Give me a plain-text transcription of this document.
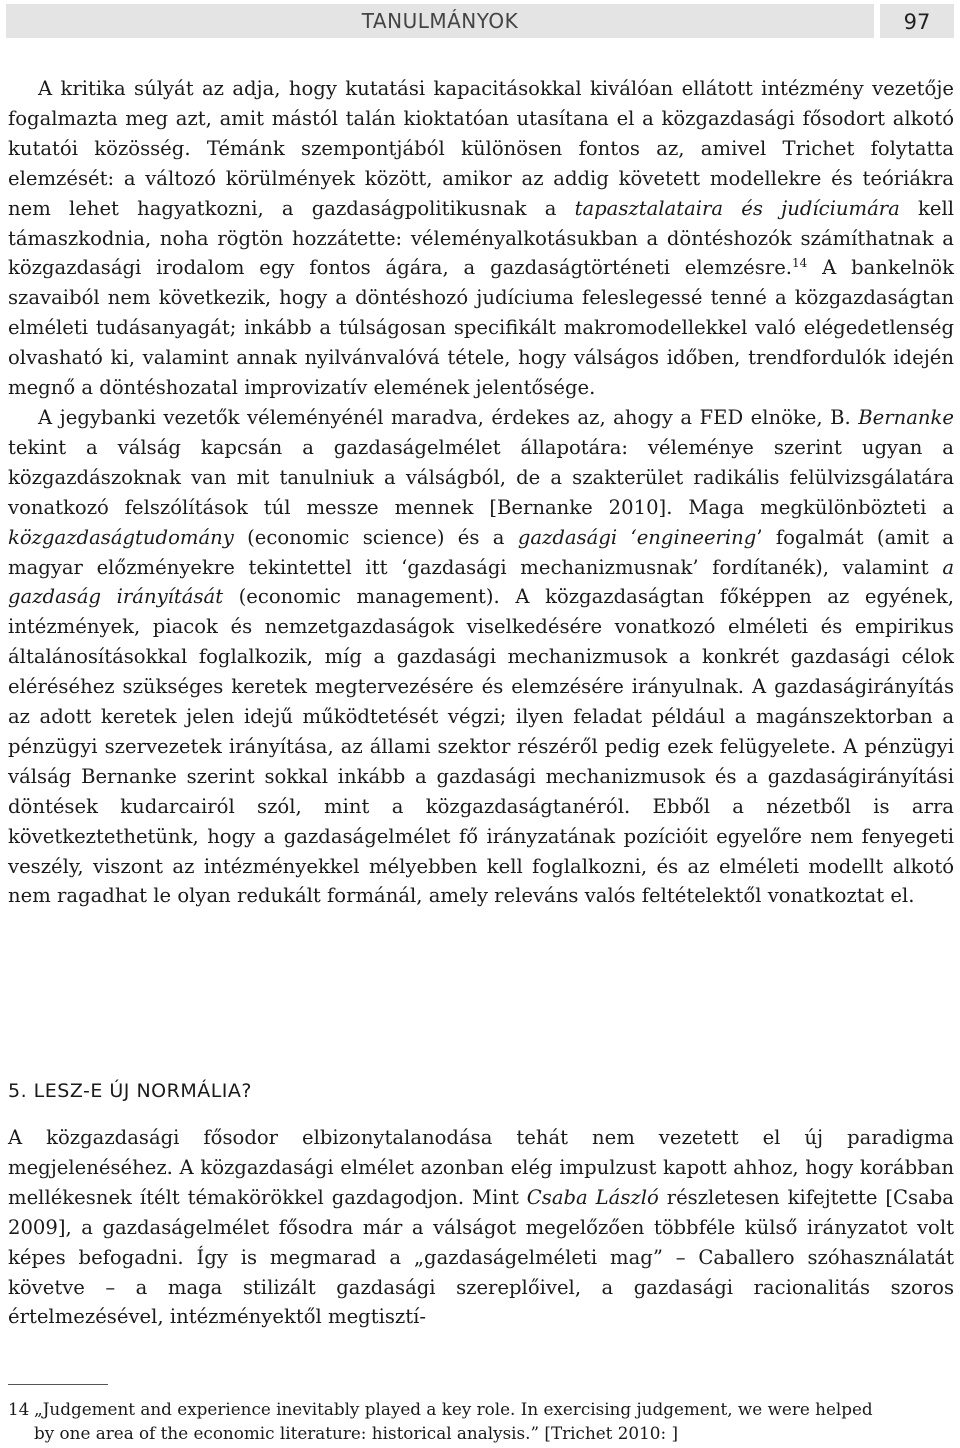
TANULMÁNYOK	97

A kritika súlyát az adja, hogy kutatási kapacitásokkal kiválóan ellátott intézmény vezetője fogalmazta meg azt, amit mástól talán kioktatóan utasítana el a közgazdasági fősodort alkotó kutatói közösség. Témánk szempontjából különösen fontos az, amivel Trichet folytatta elemzését: a változó körülmények között, amikor az addig követett modellekre és teóriákra nem lehet hagyatkozni, a gazdaságpolitikusnak a tapasztalataira és judíciumára kell támaszkodnia, noha rögtön hozzátette: véleményalkotásukban a döntéshozók számíthatnak a közgazdasági irodalom egy fontos ágára, a gazdaságtörténeti elemzésre.$^{14}$ A bankelnök szavaiból nem következik, hogy a döntéshozó judíciuma feleslegessé tenné a közgazdaságtan elméleti tudásanyagát; inkább a túlságosan specifikált makromodellekkel való elégedetlenség olvasható ki, valamint annak nyilvánvalóvá tétele, hogy válságos időben, trendfordulók idején megnő a döntéshozatal improvizatív elemének jelentősége.

A jegybanki vezetők véleményénél maradva, érdekes az, ahogy a FED elnöke, B. Bernanke tekint a válság kapcsán a gazdaságelmélet állapotára: véleménye szerint ugyan a közgazdászoknak van mit tanulniuk a válságból, de a szakterület radikális felülvizsgálatára vonatkozó felszólítások túl messze mennek [Bernanke 2010]. Maga megkülönbözteti a közgazdaságtudomány (economic science) és a gazdasági ‘engineering’ fogalmát (amit a magyar előzményekre tekintettel itt ‘gazdasági mechanizmusnak’ fordítanék), valamint a gazdaság irányítását (economic management). A közgazdaságtan főképpen az egyének, intézmények, piacok és nemzetgazdaságok viselkedésére vonatkozó elméleti és empirikus általánosításokkal foglalkozik, míg a gazdasági mechanizmusok a konkrét gazdasági célok eléréséhez szükséges keretek megtervezésére és elemzésére irányulnak. A gazdaságirányítás az adott keretek jelen idejű működtetését végzi; ilyen feladat például a magánszektorban a pénzügyi szervezetek irányítása, az állami szektor részéről pedig ezek felügyelete. A pénzügyi válság Bernanke szerint sokkal inkább a gazdasági mechanizmusok és a gazdaságirányítási döntések kudarcairól szól, mint a közgazdaságtanéról. Ebből a nézetből is arra következtethetünk, hogy a gazdaságelmélet fő irányzatának pozícióit egyelőre nem fenyegeti veszély, viszont az intézményekkel mélyebben kell foglalkozni, és az elméleti modellt alkotó nem ragadhat le olyan redukált formánál, amely releváns valós feltételektől vonatkoztat el.

5. LESZ-E ÚJ NORMÁLIA?

A közgazdasági fősodor elbizonytalanodása tehát nem vezetett el új paradigma megjelenéséhez. A közgazdasági elmélet azonban elég impulzust kapott ahhoz, hogy korábban mellékesnek ítélt témakörökkel gazdagodjon. Mint Csaba László részletesen kifejtette [Csaba 2009], a gazdaságelmélet fősodra már a válságot megelőzően többféle külső irányzatot volt képes befogadni. Így is megmarad a „gazdaságelméleti mag” – Caballero szóhasználatát követve – a maga stilizált gazdasági szereplőivel, a gazdasági racionalitás szoros értelmezésével, intézményektől megtisztí-

14 „Judgement and experience inevitably played a key role. In exercising judgement, we were helped
by one area of the economic literature: historical analysis.” [Trichet 2010: ]
